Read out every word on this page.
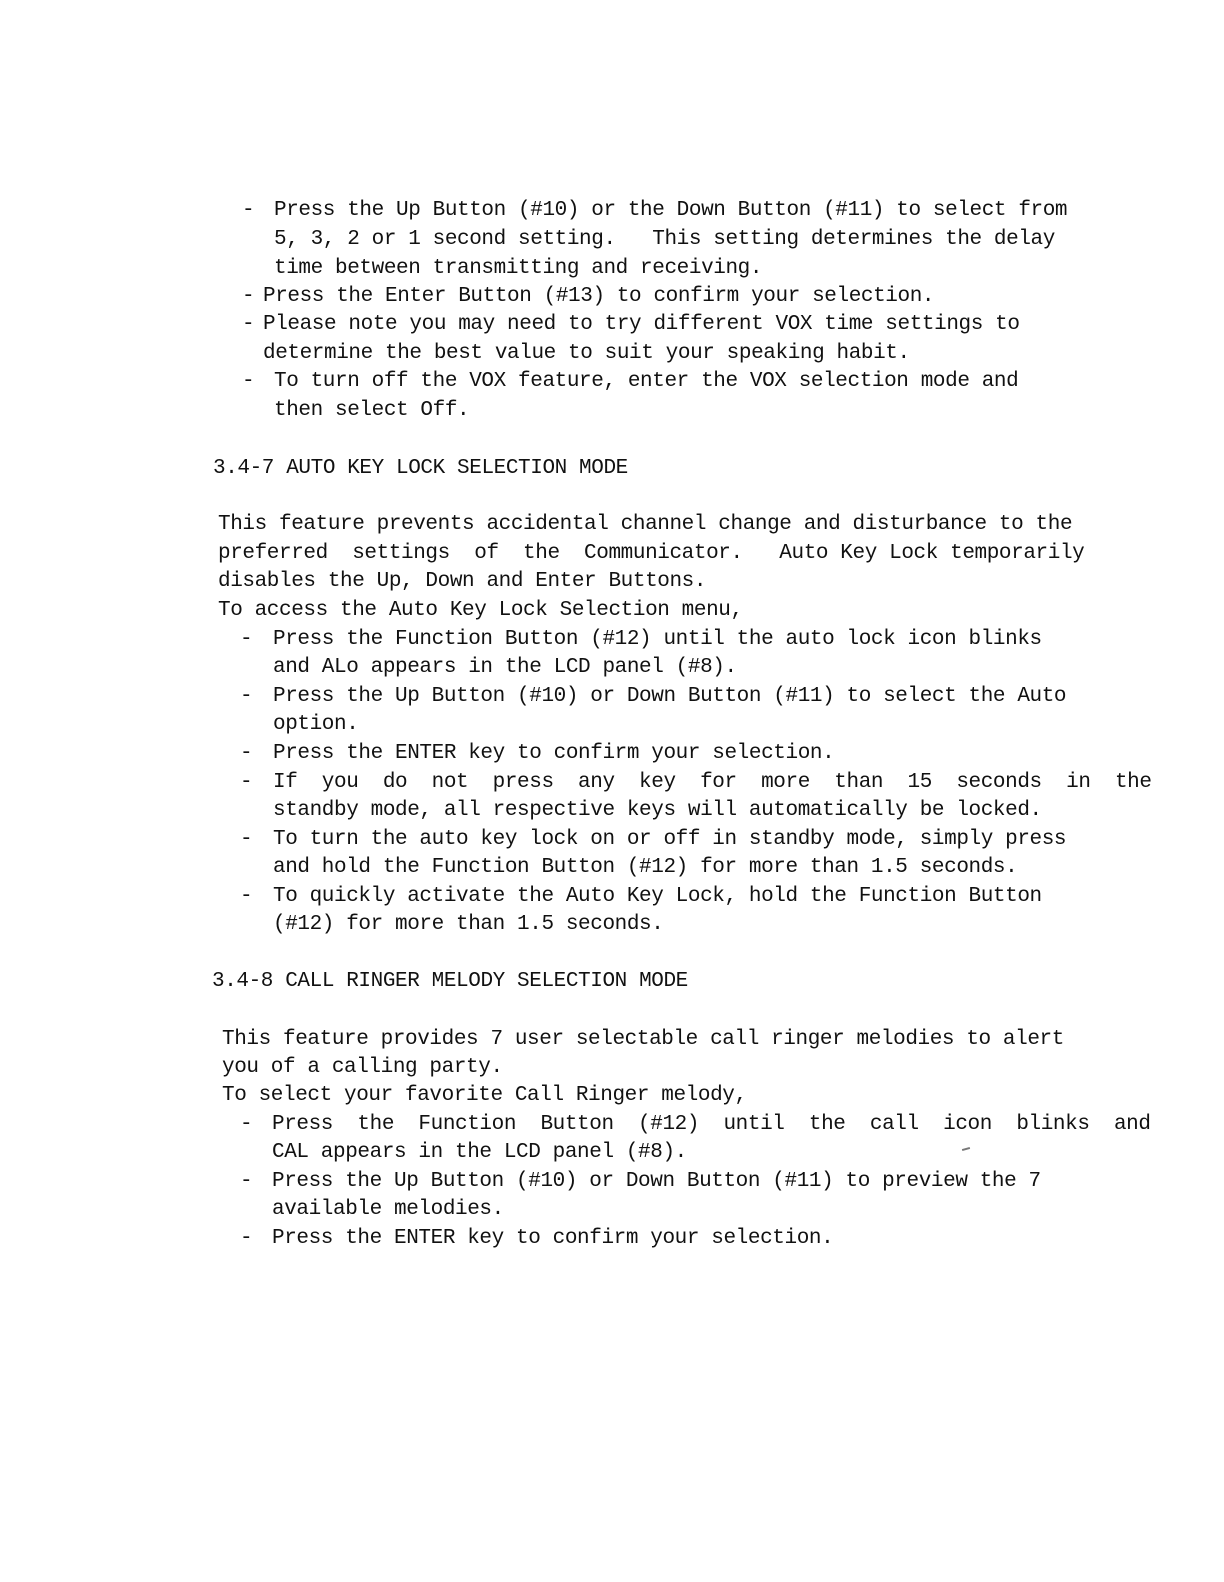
- Press the Up Button (#10) or the Down Button (#11) to select from
5, 3, 2 or 1 second setting.   This setting determines the delay
time between transmitting and receiving.
- Press the Enter Button (#13) to confirm your selection.
- Please note you may need to try different VOX time settings to
determine the best value to suit your speaking habit.
- To turn off the VOX feature, enter the VOX selection mode and
then select Off.
3.4-7 AUTO KEY LOCK SELECTION MODE
This feature prevents accidental channel change and disturbance to the
preferred  settings  of  the  Communicator.   Auto Key Lock temporarily
disables the Up, Down and Enter Buttons.
To access the Auto Key Lock Selection menu,
- Press the Function Button (#12) until the auto lock icon blinks
and ALo appears in the LCD panel (#8).
- Press the Up Button (#10) or Down Button (#11) to select the Auto
option.
- Press the ENTER key to confirm your selection.
- If  you  do  not  press  any  key  for  more  than  15  seconds  in  the
standby mode, all respective keys will automatically be locked.
- To turn the auto key lock on or off in standby mode, simply press
and hold the Function Button (#12) for more than 1.5 seconds.
- To quickly activate the Auto Key Lock, hold the Function Button
(#12) for more than 1.5 seconds.
3.4-8 CALL RINGER MELODY SELECTION MODE
This feature provides 7 user selectable call ringer melodies to alert
you of a calling party.
To select your favorite Call Ringer melody,
- Press  the  Function  Button  (#12)  until  the  call  icon  blinks  and
CAL appears in the LCD panel (#8).
- Press the Up Button (#10) or Down Button (#11) to preview the 7
available melodies.
- Press the ENTER key to confirm your selection.
